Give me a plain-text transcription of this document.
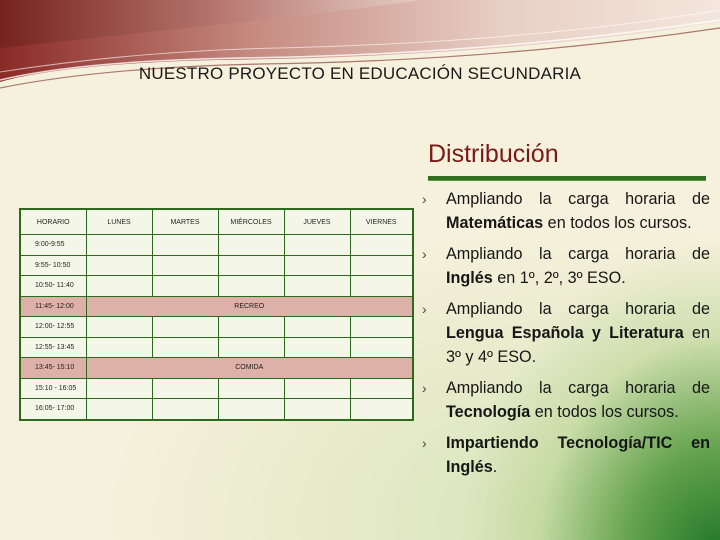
NUESTRO PROYECTO EN EDUCACIÓN SECUNDARIA
Distribución
HORARIO	LUNES	MARTES	MIÉRCOLES	JUEVES	VIERNES
9:00-9:55					
9:55- 10:50					
10:50- 11:40					
11:45- 12:00	RECREO				
12:00- 12:55					
12:55- 13:45					
13:45- 15:10	COMIDA				
15:10 - 16:05					
16:05- 17:00					
› Ampliando la carga horaria de Matemáticas en todos los cursos.
› Ampliando la carga horaria de Inglés en 1º, 2º, 3º ESO.
› Ampliando la carga horaria de Lengua Española y Literatura en 3º y 4º ESO.
› Ampliando la carga horaria de Tecnología en todos los cursos.
› Impartiendo Tecnología/TIC en Inglés.
